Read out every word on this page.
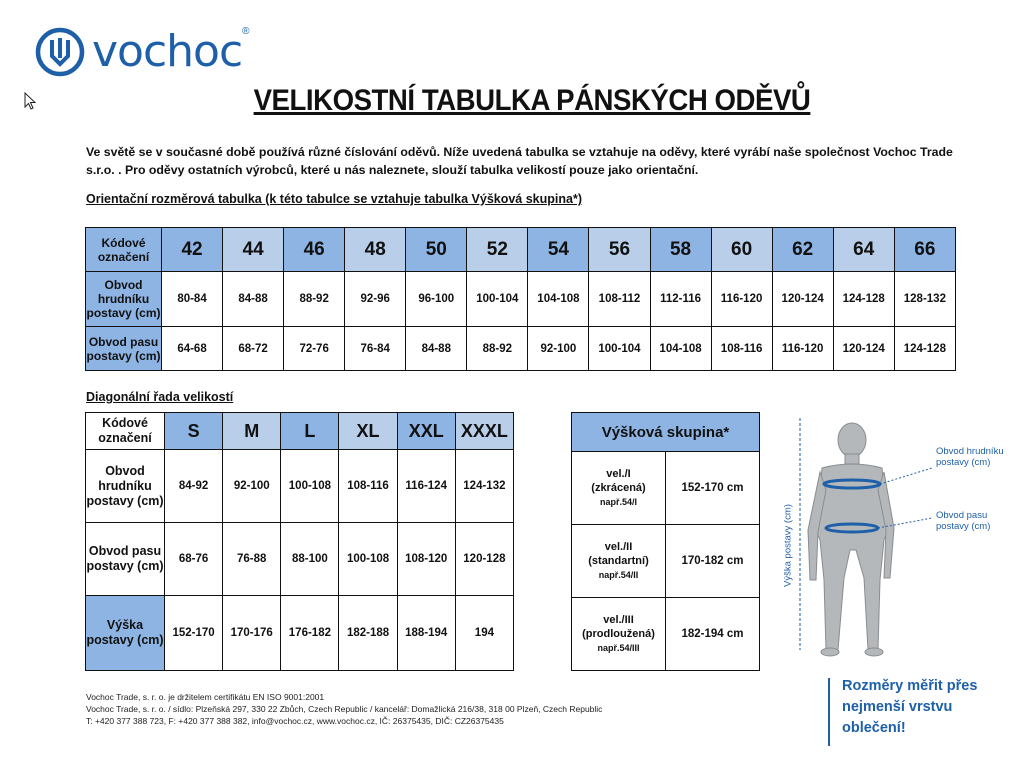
vochoc ®
VELIKOSTNÍ TABULKA PÁNSKÝCH ODĚVŮ
Ve světě se v současné době používá různé číslování oděvů. Níže uvedená tabulka se vztahuje na oděvy, které vyrábí naše společnost Vochoc Trade s.r.o. . Pro oděvy ostatních výrobců, které u nás naleznete, slouží tabulka velikostí pouze jako orientační.
Orientační rozměrová tabulka (k této tabulce se vztahuje tabulka Výšková skupina*)
Kódové označení	42	44	46	48	50	52	54	56	58	60	62	64	66
Obvod hrudníku postavy (cm)	80-84	84-88	88-92	92-96	96-100	100-104	104-108	108-112	112-116	116-120	120-124	124-128	128-132
Obvod pasu postavy (cm)	64-68	68-72	72-76	76-84	84-88	88-92	92-100	100-104	104-108	108-116	116-120	120-124	124-128
Diagonální řada velikostí
Kódové označení	S	M	L	XL	XXL	XXXL
Obvod hrudníku postavy (cm)	84-92	92-100	100-108	108-116	116-124	124-132
Obvod pasu postavy (cm)	68-76	76-88	88-100	100-108	108-120	120-128
Výška postavy (cm)	152-170	170-176	176-182	182-188	188-194	194
Výšková skupina*	

vel./I
(zkrácená)
např.54/I	152-170 cm

vel./II
(standartní)
např.54/II	170-182 cm

vel./III
(prodloužená)
např.54/III	182-194 cm
Obvod hrudníku postavy (cm)
Obvod pasu postavy (cm)
Výška postavy (cm)
Rozměry měřit přes nejmenší vrstvu oblečení!
Vochoc Trade, s. r. o. je držitelem certifikátu EN ISO 9001:2001
Vochoc Trade, s. r. o. / sídlo: Plzeňská 297, 330 22 Zbůch, Czech Republic / kancelář: Domažlická 216/38, 318 00 Plzeň, Czech Republic
T: +420 377 388 723, F: +420 377 388 382, info@vochoc.cz, www.vochoc.cz, IČ: 26375435, DIČ: CZ26375435
